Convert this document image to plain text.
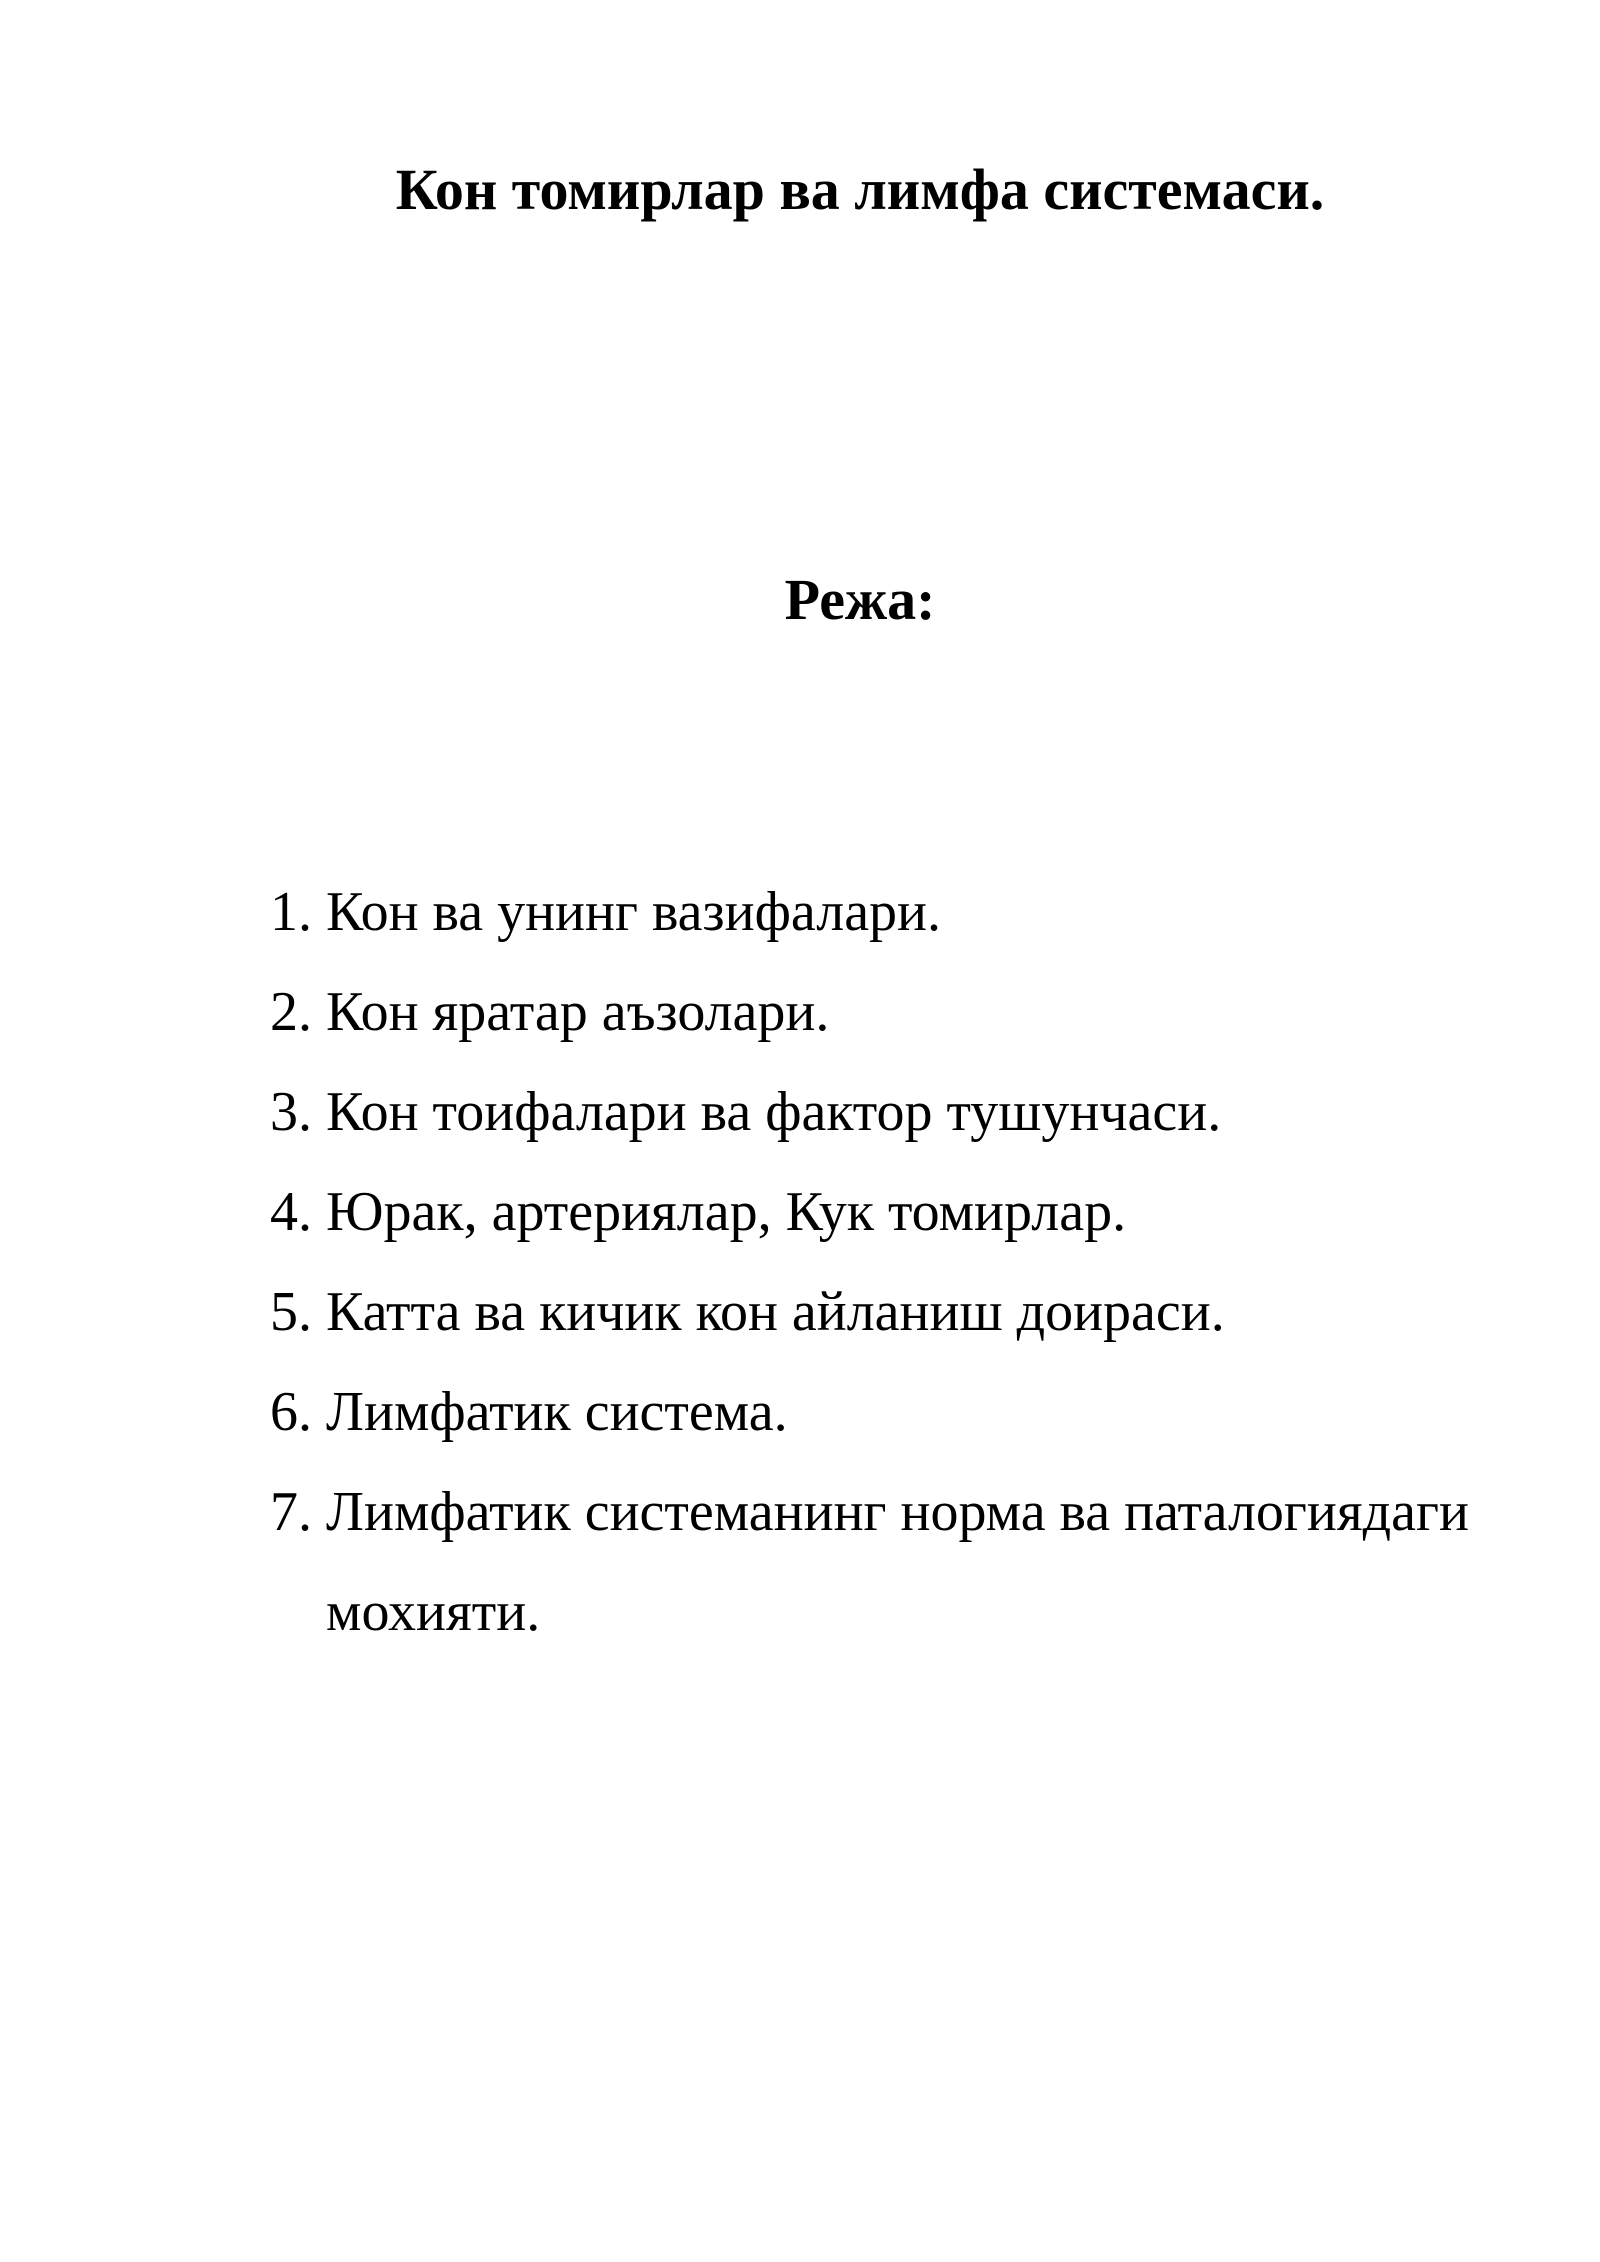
Кон томирлар ва лимфа системаси.
Режа:
1. Кон ва унинг вазифалари.
2. Кон яратар аъзолари.
3. Кон тоифалари ва фактор тушунчаси.
4. Юрак, артериялар, Кук томирлар.
5. Катта ва кичик кон айланиш доираси.
6. Лимфатик система.
7. Лимфатик системанинг норма ва паталогиядаги мохияти.
